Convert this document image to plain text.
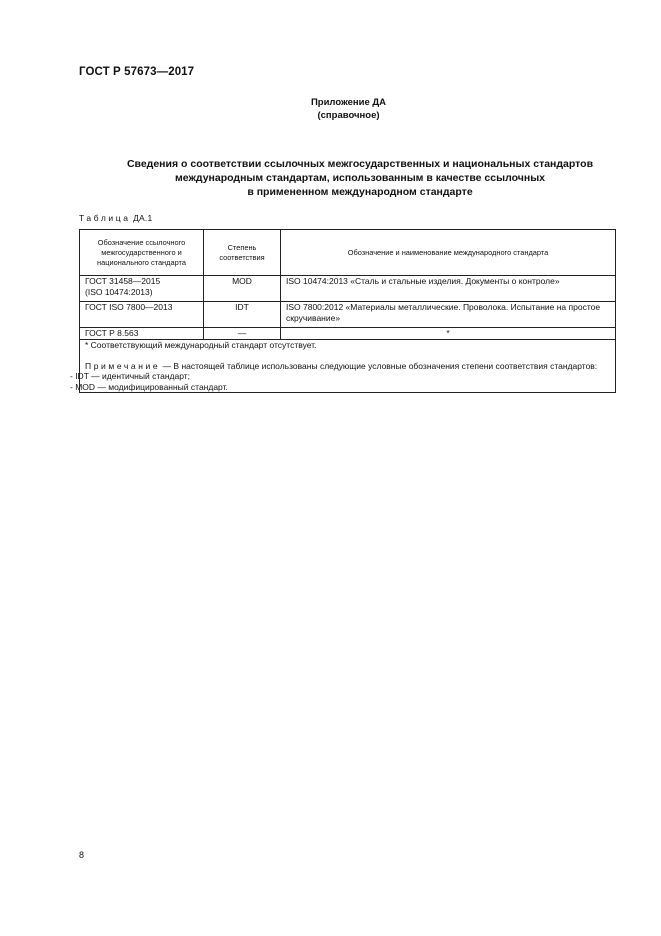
ГОСТ Р 57673—2017
Приложение ДА
(справочное)
Сведения о соответствии ссылочных межгосударственных и национальных стандартов
международным стандартам, использованным в качестве ссылочных
в примененном международном стандарте
Таблица ДА.1
Обозначение ссылочного межгосударственного и национального стандарта	Степень соответствия	Обозначение и наименование международного стандарта

ГОСТ 31458—2015
(ISO 10474:2013)	MOD	ISO 10474:2013 «Сталь и стальные изделия. Документы о контроле»
ГОСТ ISO 7800—2013	IDT	ISO 7800:2012 «Материалы металлические. Проволока. Испытание на простое скручивание»
ГОСТ Р 8.563	—	*

* Соответствующий международный стандарт отсутствует.
Примечание — В настоящей таблице использованы следующие условные обозначения степени соответствия стандартов:
- IDT — идентичный стандарт;
- MOD — модифицированный стандарт.		
8
